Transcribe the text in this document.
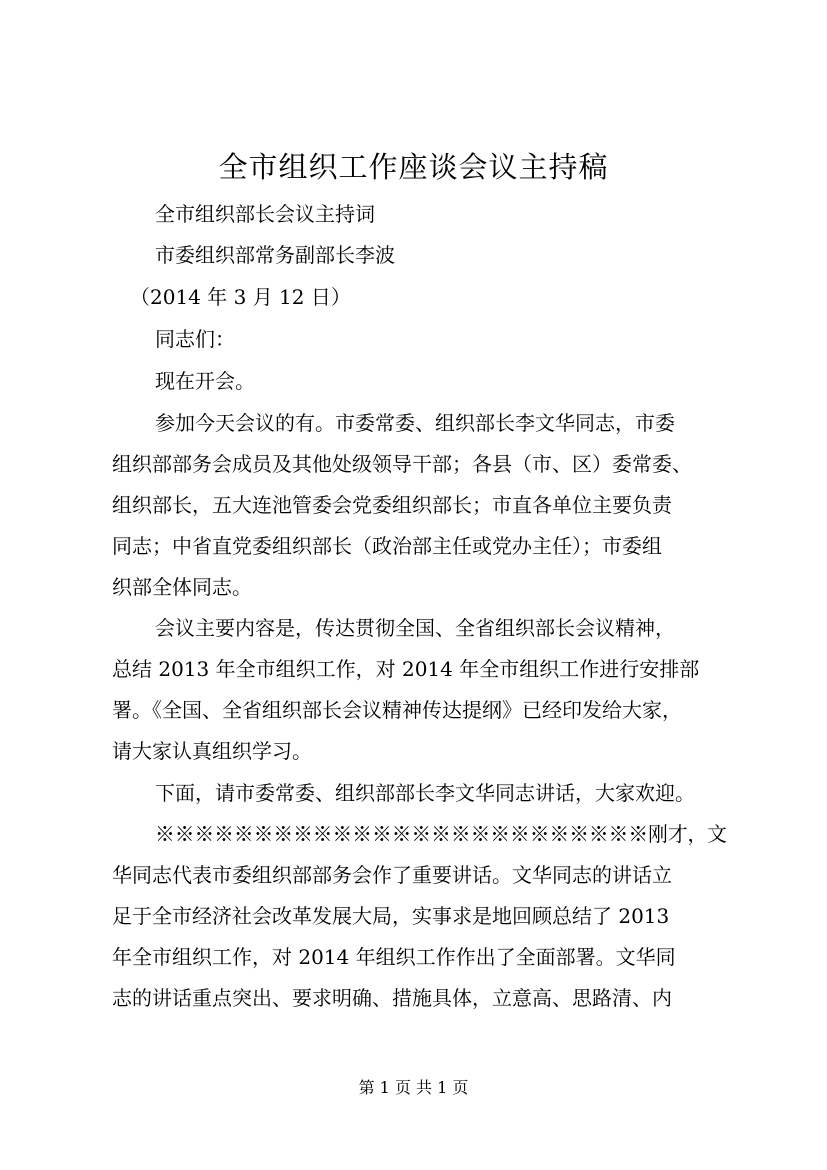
全市组织工作座谈会议主持稿
全市组织部长会议主持词
市委组织部常务副部长李波
（2014 年 3 月 12 日）
同志们：
现在开会。
参加今天会议的有。市委常委、组织部长李文华同志，市委
组织部部务会成员及其他处级领导干部；各县（市、区）委常委、
组织部长，五大连池管委会党委组织部长；市直各单位主要负责
同志；中省直党委组织部长（政治部主任或党办主任）；市委组
织部全体同志。
会议主要内容是，传达贯彻全国、全省组织部长会议精神，
总结 2013 年全市组织工作，对 2014 年全市组织工作进行安排部
署。《全国、全省组织部长会议精神传达提纲》已经印发给大家，
请大家认真组织学习。
下面，请市委常委、组织部部长李文华同志讲话，大家欢迎。
※※※※※※※※※※※※※※※※※※※※※※※※※刚才，文
华同志代表市委组织部部务会作了重要讲话。文华同志的讲话立
足于全市经济社会改革发展大局，实事求是地回顾总结了 2013
年全市组织工作，对 2014 年组织工作作出了全面部署。文华同
志的讲话重点突出、要求明确、措施具体，立意高、思路清、内
第 1 页 共 1 页
